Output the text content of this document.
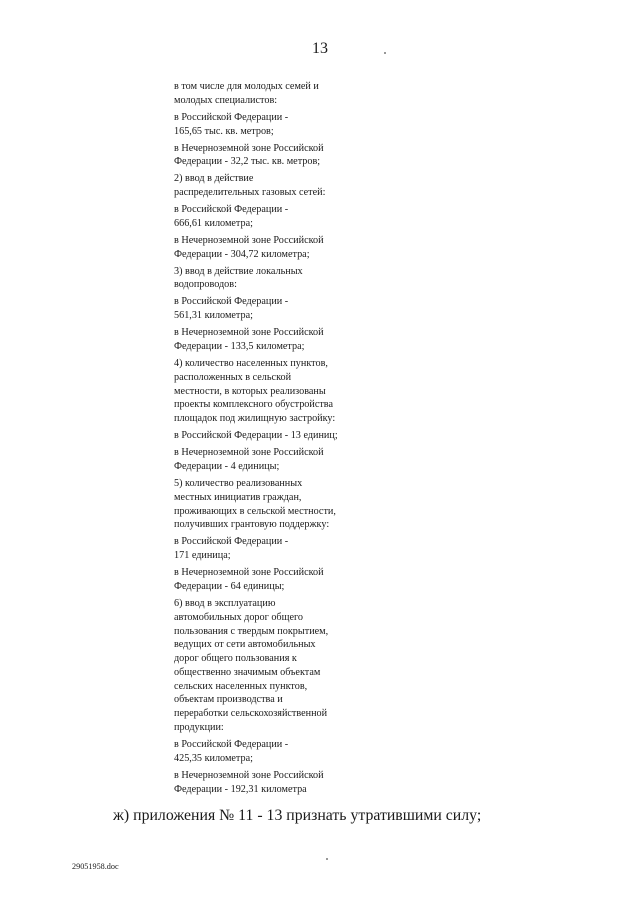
13

в том числе для молодых семей и
молодых специалистов:

в Российской Федерации -
165,65 тыс. кв. метров;

в Нечерноземной зоне Российской
Федерации - 32,2 тыс. кв. метров;

2) ввод в действие
распределительных газовых сетей:

в Российской Федерации -
666,61 километра;

в Нечерноземной зоне Российской
Федерации - 304,72 километра;

3) ввод в действие локальных
водопроводов:

в Российской Федерации -
561,31 километра;

в Нечерноземной зоне Российской
Федерации - 133,5 километра;

4) количество населенных пунктов,
расположенных в сельской
местности, в которых реализованы
проекты комплексного обустройства
площадок под жилищную застройку:

в Российской Федерации - 13 единиц;

в Нечерноземной зоне Российской
Федерации - 4 единицы;

5) количество реализованных
местных инициатив граждан,
проживающих в сельской местности,
получивших грантовую поддержку:

в Российской Федерации -
171 единица;

в Нечерноземной зоне Российской
Федерации - 64 единицы;

6) ввод в эксплуатацию
автомобильных дорог общего
пользования с твердым покрытием,
ведущих от сети автомобильных
дорог общего пользования к
общественно значимым объектам
сельских населенных пунктов,
объектам производства и
переработки сельскохозяйственной
продукции:

в Российской Федерации -
425,35 километра;

в Нечерноземной зоне Российской
Федерации - 192,31 километра

ж) приложения № 11 - 13 признать утратившими силу;
29051958.doc
